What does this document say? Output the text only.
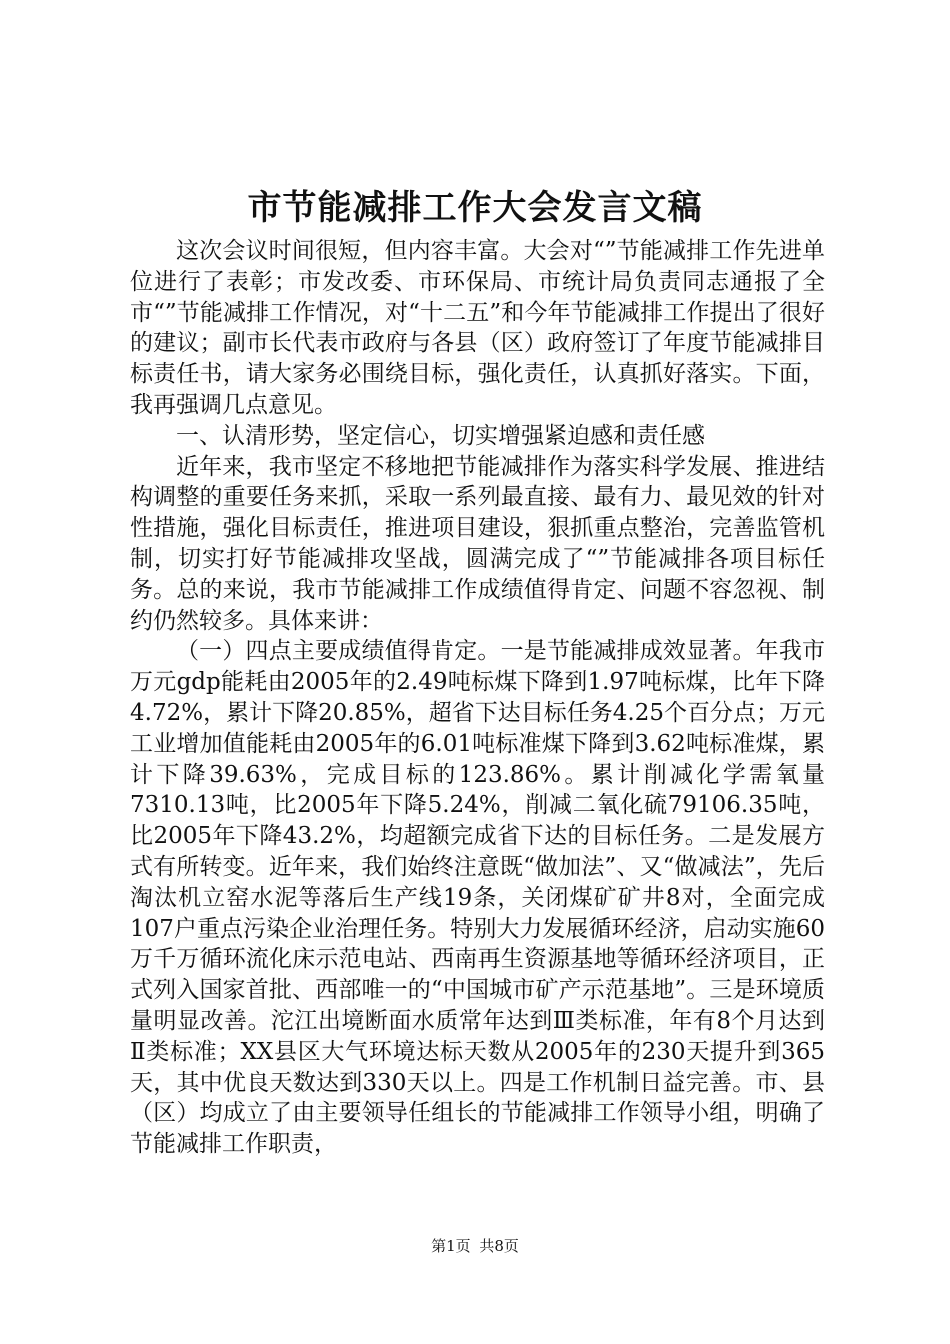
市节能减排工作大会发言文稿

这次会议时间很短，但内容丰富。大会对“”节能减排工作先进单位进行了表彰；市发改委、市环保局、市统计局负责同志通报了全市“”节能减排工作情况，对“十二五”和今年节能减排工作提出了很好的建议；副市长代表市政府与各县（区）政府签订了年度节能减排目标责任书，请大家务必围绕目标，强化责任，认真抓好落实。下面，我再强调几点意见。

一、认清形势，坚定信心，切实增强紧迫感和责任感

近年来，我市坚定不移地把节能减排作为落实科学发展、推进结构调整的重要任务来抓，采取一系列最直接、最有力、最见效的针对性措施，强化目标责任，推进项目建设，狠抓重点整治，完善监管机制，切实打好节能减排攻坚战，圆满完成了“”节能减排各项目标任务。总的来说，我市节能减排工作成绩值得肯定、问题不容忽视、制约仍然较多。具体来讲：

（一）四点主要成绩值得肯定。一是节能减排成效显著。年我市万元gdp能耗由2005年的2.49吨标煤下降到1.97吨标煤，比年下降4.72%，累计下降20.85%，超省下达目标任务4.25个百分点；万元工业增加值能耗由2005年的6.01吨标准煤下降到3.62吨标准煤，累计下降39.63%，完成目标的123.86%。累计削减化学需氧量7310.13吨，比2005年下降5.24%，削减二氧化硫79106.35吨，比2005年下降43.2%，均超额完成省下达的目标任务。二是发展方式有所转变。近年来，我们始终注意既“做加法”、又“做减法”，先后淘汰机立窑水泥等落后生产线19条，关闭煤矿矿井8对，全面完成107户重点污染企业治理任务。特别大力发展循环经济，启动实施60万千万循环流化床示范电站、西南再生资源基地等循环经济项目，正式列入国家首批、西部唯一的“中国城市矿产示范基地”。三是环境质量明显改善。沱江出境断面水质常年达到Ⅲ类标准，年有8个月达到Ⅱ类标准；XX县区大气环境达标天数从2005年的230天提升到365天，其中优良天数达到330天以上。四是工作机制日益完善。市、县（区）均成立了由主要领导任组长的节能减排工作领导小组，明确了节能减排工作职责，

第1页 共8页
